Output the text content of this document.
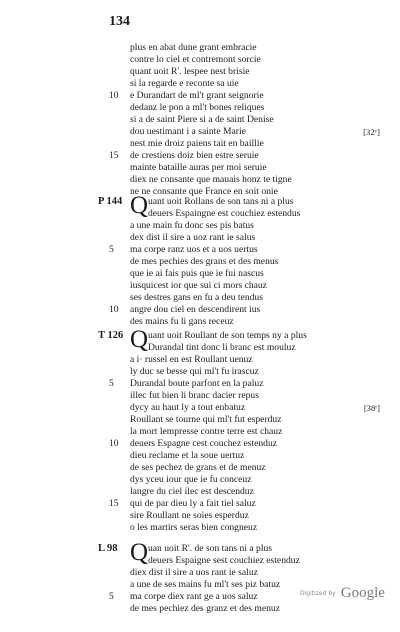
134
plus en abat dune grant embracie
contre lo ciel et contremont sorcie
quant uoit R'. lespee nest brisie
si la regarde e reconte sa uie
10	e Durandart de ml't grant seignorie
dedanz le pon a ml't bones reliques
si a de saint Piere si a de saint Denise
dou uestimant i a sainte Marie	[32ᵛ]
nest mie droiz paiens tait en baillie
15	de crestiens doiz bien estre seruie
mainte bataille auras per moi seruie
diex ne consante que mauais honz te tigne
ne ne consante que France en soit onie
P 144 Q uant uoit Rollans de son tans ni a plus
deuers Espaingne est couchiez estendus
a une main fu donc ses pis batus
dex dist il sire a uoz rant ie salus
5	ma corpe ranz uos et a uos uertus
de mes pechies des grans et des menus
que ie ai fais puis que ie fui nascus
iusquicest ior que sui ci mors chauz
ses destres gans en fu a deu tendus
10	angre dou ciel en descendirent ius
des mains fu li gans receuz
T 126 Q uant uoit Roullant de son temps ny a plus
Durandal tint donc li branc est mouluz
a i· russel en est Roullant uenuz
ly duc se besse qui ml't fu irascuz
5	Durandal boute parfont en la paluz
illec fut bien li branc dacier repus
dycy au haut ly a tout enbatuz	[38ʳ]
Roullant se tourne qui ml't fut esperduz
la mort lempresse contre terre est chauz
10	deuers Espagne cest couchez estenduz
dieu reclame et la soue uertuz
de ses pechez de grans et de menuz
dys yceu iour que ie fu conceuz
langre du ciel ilec est descenduz
15	qui de par dieu ly a fait tiel saluz
sire Roullant ne soies esperduz
o les martirs seras bien congneuz
L 98 Q uan uoit R'. de son tans ni a plus
deuers Espaigne sest couchiez estenduz
diex dist il sire a uos rant ie saluz
a une de ses mains fu ml't ses piz batuz
5	ma corpe diex rant ge a uos saluz
de mes pechiez des granz et des menuz
Digitized by Google
